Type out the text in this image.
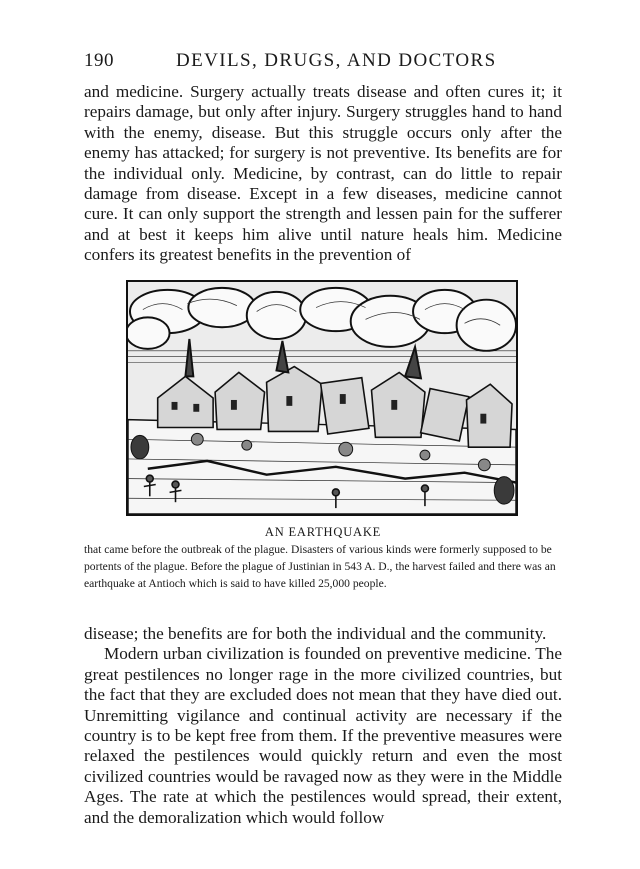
190	DEVILS, DRUGS, AND DOCTORS

and medicine. Surgery actually treats disease and often cures it; it repairs damage, but only after injury. Surgery struggles hand to hand with the enemy, disease. But this struggle occurs only after the enemy has attacked; for surgery is not preventive. Its benefits are for the individual only. Medicine, by contrast, can do little to repair damage from disease. Except in a few diseases, medicine cannot cure. It can only support the strength and lessen pain for the sufferer and at best it keeps him alive until nature heals him. Medicine confers its greatest benefits in the prevention of

AN EARTHQUAKE

that came before the outbreak of the plague. Disasters of various kinds were formerly supposed to be portents of the plague. Before the plague of Justinian in 543 A. D., the harvest failed and there was an earthquake at Antioch which is said to have killed 25,000 people.

disease; the benefits are for both the individual and the community.

Modern urban civilization is founded on preventive medicine. The great pestilences no longer rage in the more civilized countries, but the fact that they are excluded does not mean that they have died out. Unremitting vigilance and continual activity are necessary if the country is to be kept free from them. If the preventive measures were relaxed the pestilences would quickly return and even the most civilized countries would be ravaged now as they were in the Middle Ages. The rate at which the pestilences would spread, their extent, and the demoralization which would follow
